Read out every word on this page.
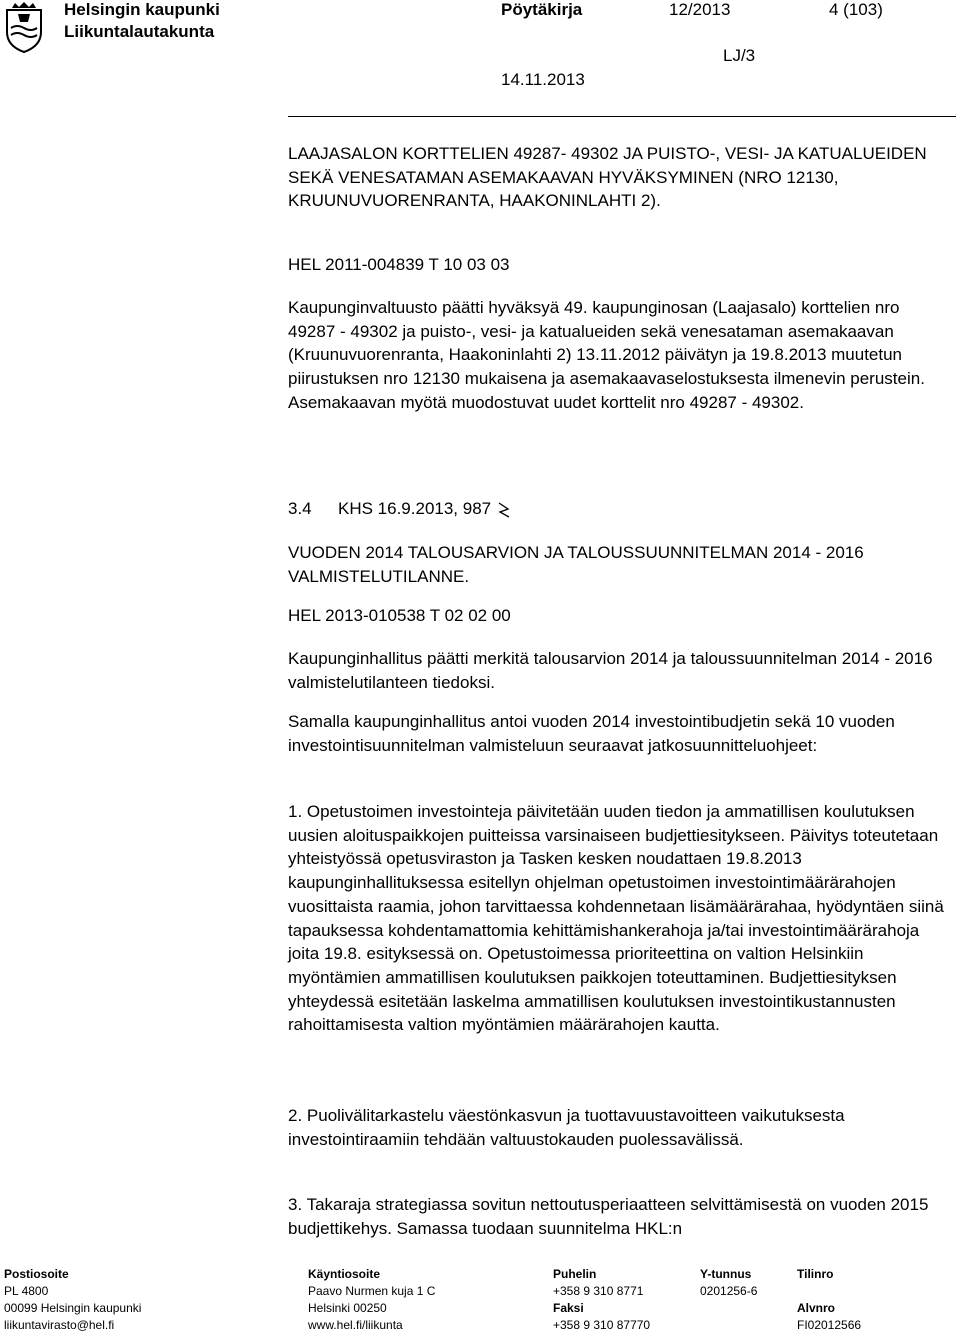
Helsingin kaupunki
Liikuntalautakunta
Pöytäkirja	12/2013	4 (103)
LJ/3
14.11.2013
LAAJASALON KORTTELIEN 49287- 49302 JA PUISTO-, VESI- JA KATUALUEIDEN SEKÄ VENESATAMAN ASEMAKAAVAN HYVÄKSYMINEN (NRO 12130, KRUUNUVUORENRANTA, HAAKONINLAHTI 2).
HEL 2011-004839 T 10 03 03
Kaupunginvaltuusto päätti hyväksyä 49. kaupunginosan (Laajasalo) korttelien nro 49287 - 49302 ja puisto-, vesi- ja katualueiden sekä venesataman asemakaavan (Kruunuvuorenranta, Haakoninlahti 2) 13.11.2012 päivätyn ja 19.8.2013 muutetun piirustuksen nro 12130 mukaisena ja asemakaavaselostuksesta ilmenevin perustein. Asemakaavan myötä muodostuvat uudet korttelit nro 49287 - 49302.
3.4 KHS 16.9.2013, 987
VUODEN 2014 TALOUSARVION JA TALOUSSUUNNITELMAN 2014 - 2016 VALMISTELUTILANNE.
HEL 2013-010538 T 02 02 00
Kaupunginhallitus päätti merkitä talousarvion 2014 ja taloussuunnitelman 2014 - 2016 valmistelutilanteen tiedoksi.
Samalla kaupunginhallitus antoi vuoden 2014 investointibudjetin sekä 10 vuoden investointisuunnitelman valmisteluun seuraavat jatkosuunnitteluohjeet:
1. Opetustoimen investointeja päivitetään uuden tiedon ja ammatillisen koulutuksen uusien aloituspaikkojen puitteissa varsinaiseen budjettiesitykseen. Päivitys toteutetaan yhteistyössä opetusviraston ja Tasken kesken noudattaen 19.8.2013 kaupunginhallituksessa esitellyn ohjelman opetustoimen investointimäärärahojen vuosittaista raamia, johon tarvittaessa kohdennetaan lisämäärärahaa, hyödyntäen siinä tapauksessa kohdentamattomia kehittämishankerahoja ja/tai investointimäärärahoja joita 19.8. esityksessä on. Opetustoimessa prioriteettina on valtion Helsinkiin myöntämien ammatillisen koulutuksen paikkojen toteuttaminen. Budjettiesityksen yhteydessä esitetään laskelma ammatillisen koulutuksen investointikustannusten rahoittamisesta valtion myöntämien määrärahojen kautta.
2. Puolivälitarkastelu väestönkasvun ja tuottavuustavoitteen vaikutuksesta investointiraamiin tehdään valtuustokauden puolessavälissä.
3. Takaraja strategiassa sovitun nettoutusperiaatteen selvittämisestä on vuoden 2015 budjettikehys. Samassa tuodaan suunnitelma HKL:n
Postiosoite
PL 4800
00099 Helsingin kaupunki
liikuntavirasto@hel.fi
Käyntiosoite
Paavo Nurmen kuja 1 C
Helsinki 00250
www.hel.fi/liikunta
Puhelin
+358 9 310 8771
Faksi
+358 9 310 87770
Y-tunnus
0201256-6
Tilinro
Alvnro
FI02012566
